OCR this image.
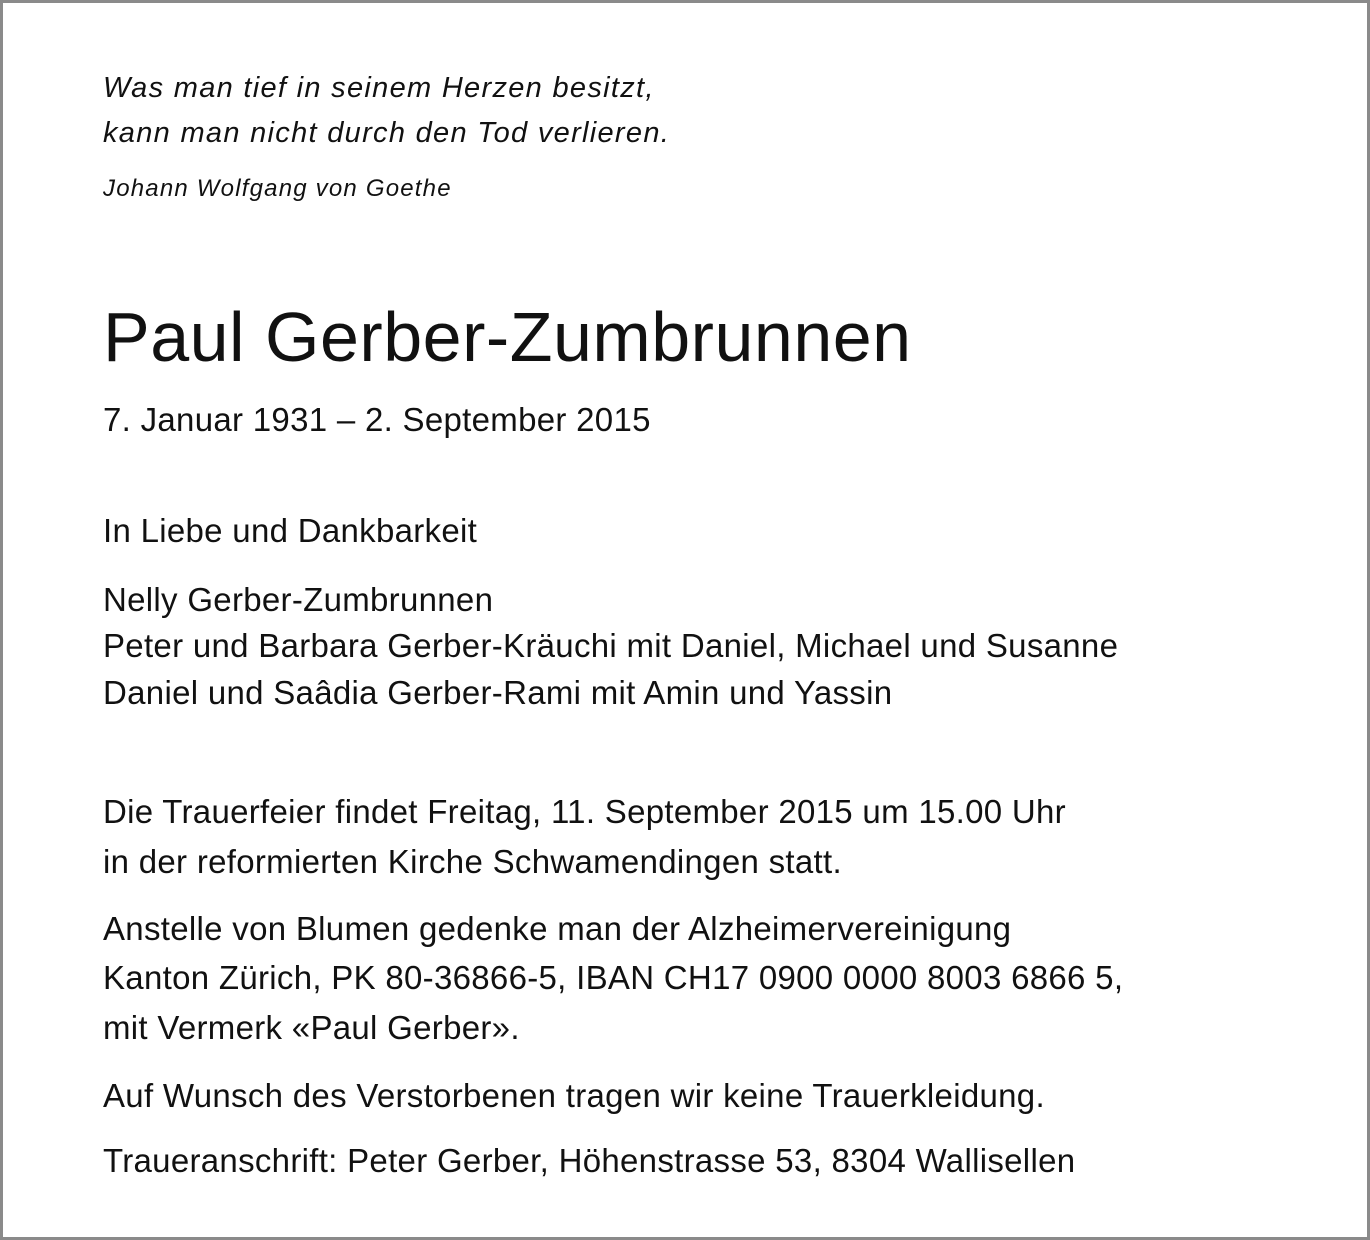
Was man tief in seinem Herzen besitzt,
kann man nicht durch den Tod verlieren.
Johann Wolfgang von Goethe
Paul Gerber-Zumbrunnen
7. Januar 1931 – 2. September 2015
In Liebe und Dankbarkeit
Nelly Gerber-Zumbrunnen
Peter und Barbara Gerber-Kräuchi mit Daniel, Michael und Susanne
Daniel und Saâdia Gerber-Rami mit Amin und Yassin
Die Trauerfeier findet Freitag, 11. September 2015 um 15.00 Uhr
in der reformierten Kirche Schwamendingen statt.
Anstelle von Blumen gedenke man der Alzheimervereinigung
Kanton Zürich, PK 80-36866-5, IBAN CH17 0900 0000 8003 6866 5,
mit Vermerk «Paul Gerber».
Auf Wunsch des Verstorbenen tragen wir keine Trauerkleidung.
Traueranschrift: Peter Gerber, Höhenstrasse 53, 8304 Wallisellen
